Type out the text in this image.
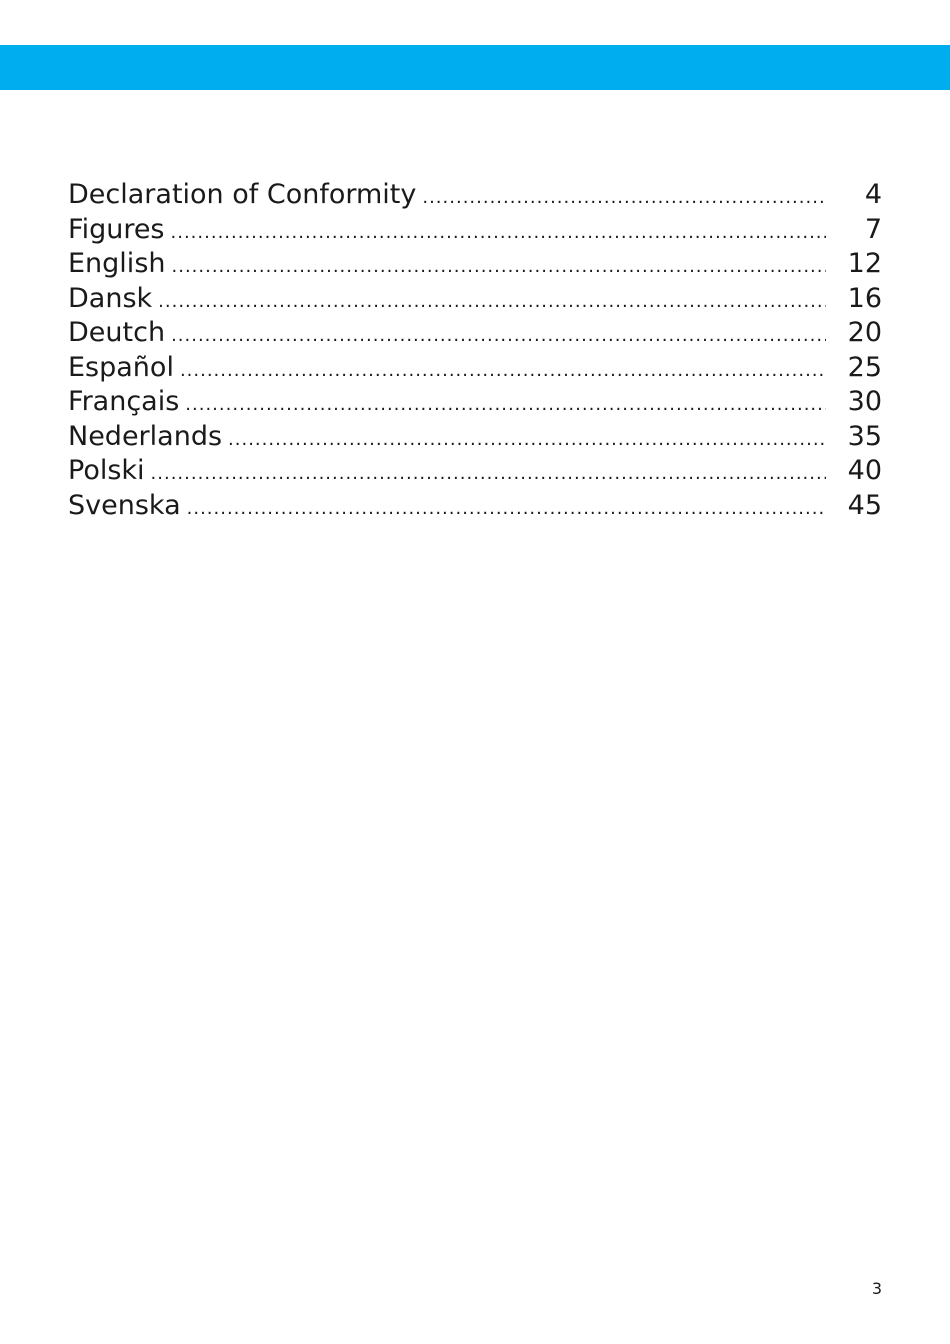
Declaration of Conformity .....	4
Figures .....	7
English .....	12
Dansk .....	16
Deutch .....	20
Español .....	25
Français .....	30
Nederlands .....	35
Polski .....	40
Svenska .....	45
3
